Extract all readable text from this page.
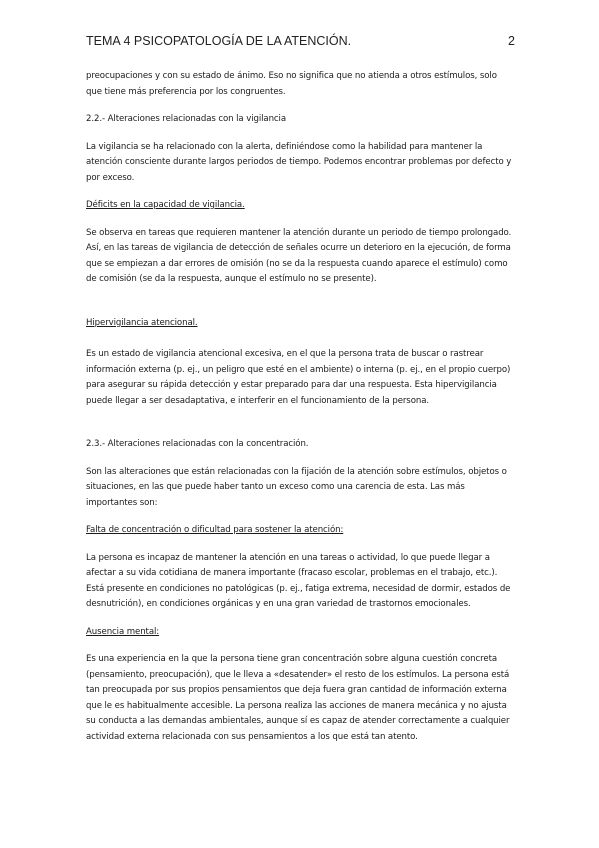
TEMA 4 PSICOPATOLOGÍA DE LA ATENCIÓN.	2

preocupaciones y con su estado de ánimo. Eso no significa que no atienda a otros estímulos, solo que tiene más preferencia por los congruentes.

2.2.- Alteraciones relacionadas con la vigilancia

La vigilancia se ha relacionado con la alerta, definiéndose como la habilidad para mantener la atención consciente durante largos periodos de tiempo. Podemos encontrar problemas por defecto y por exceso.

Déficits en la capacidad de vigilancia.

Se observa en tareas que requieren mantener la atención durante un periodo de tiempo prolongado. Así, en las tareas de vigilancia de detección de señales ocurre un deterioro en la ejecución, de forma que se empiezan a dar errores de omisión (no se da la respuesta cuando aparece el estímulo) como de comisión (se da la respuesta, aunque el estímulo no se presente).

Hipervigilancia atencional.

Es un estado de vigilancia atencional excesiva, en el que la persona trata de buscar o rastrear información externa (p. ej., un peligro que esté en el ambiente) o interna (p. ej., en el propio cuerpo) para asegurar su rápida detección y estar preparado para dar una respuesta. Esta hipervigilancia puede llegar a ser desadaptativa, e interferir en el funcionamiento de la persona.

2.3.- Alteraciones relacionadas con la concentración.

Son las alteraciones que están relacionadas con la fijación de la atención sobre estímulos, objetos o situaciones, en las que puede haber tanto un exceso como una carencia de esta. Las más importantes son:

Falta de concentración o dificultad para sostener la atención:

La persona es incapaz de mantener la atención en una tareas o actividad, lo que puede llegar a afectar a su vida cotidiana de manera importante (fracaso escolar, problemas en el trabajo, etc.). Está presente en condiciones no patológicas (p. ej., fatiga extrema, necesidad de dormir, estados de desnutrición), en condiciones orgánicas y en una gran variedad de trastornos emocionales.

Ausencia mental:

Es una experiencia en la que la persona tiene gran concentración sobre alguna cuestión concreta (pensamiento, preocupación), que le lleva a «desatender» el resto de los estímulos. La persona está tan preocupada por sus propios pensamientos que deja fuera gran cantidad de información externa que le es habitualmente accesible. La persona realiza las acciones de manera mecánica y no ajusta su conducta a las demandas ambientales, aunque sí es capaz de atender correctamente a cualquier actividad externa relacionada con sus pensamientos a los que está tan atento.
